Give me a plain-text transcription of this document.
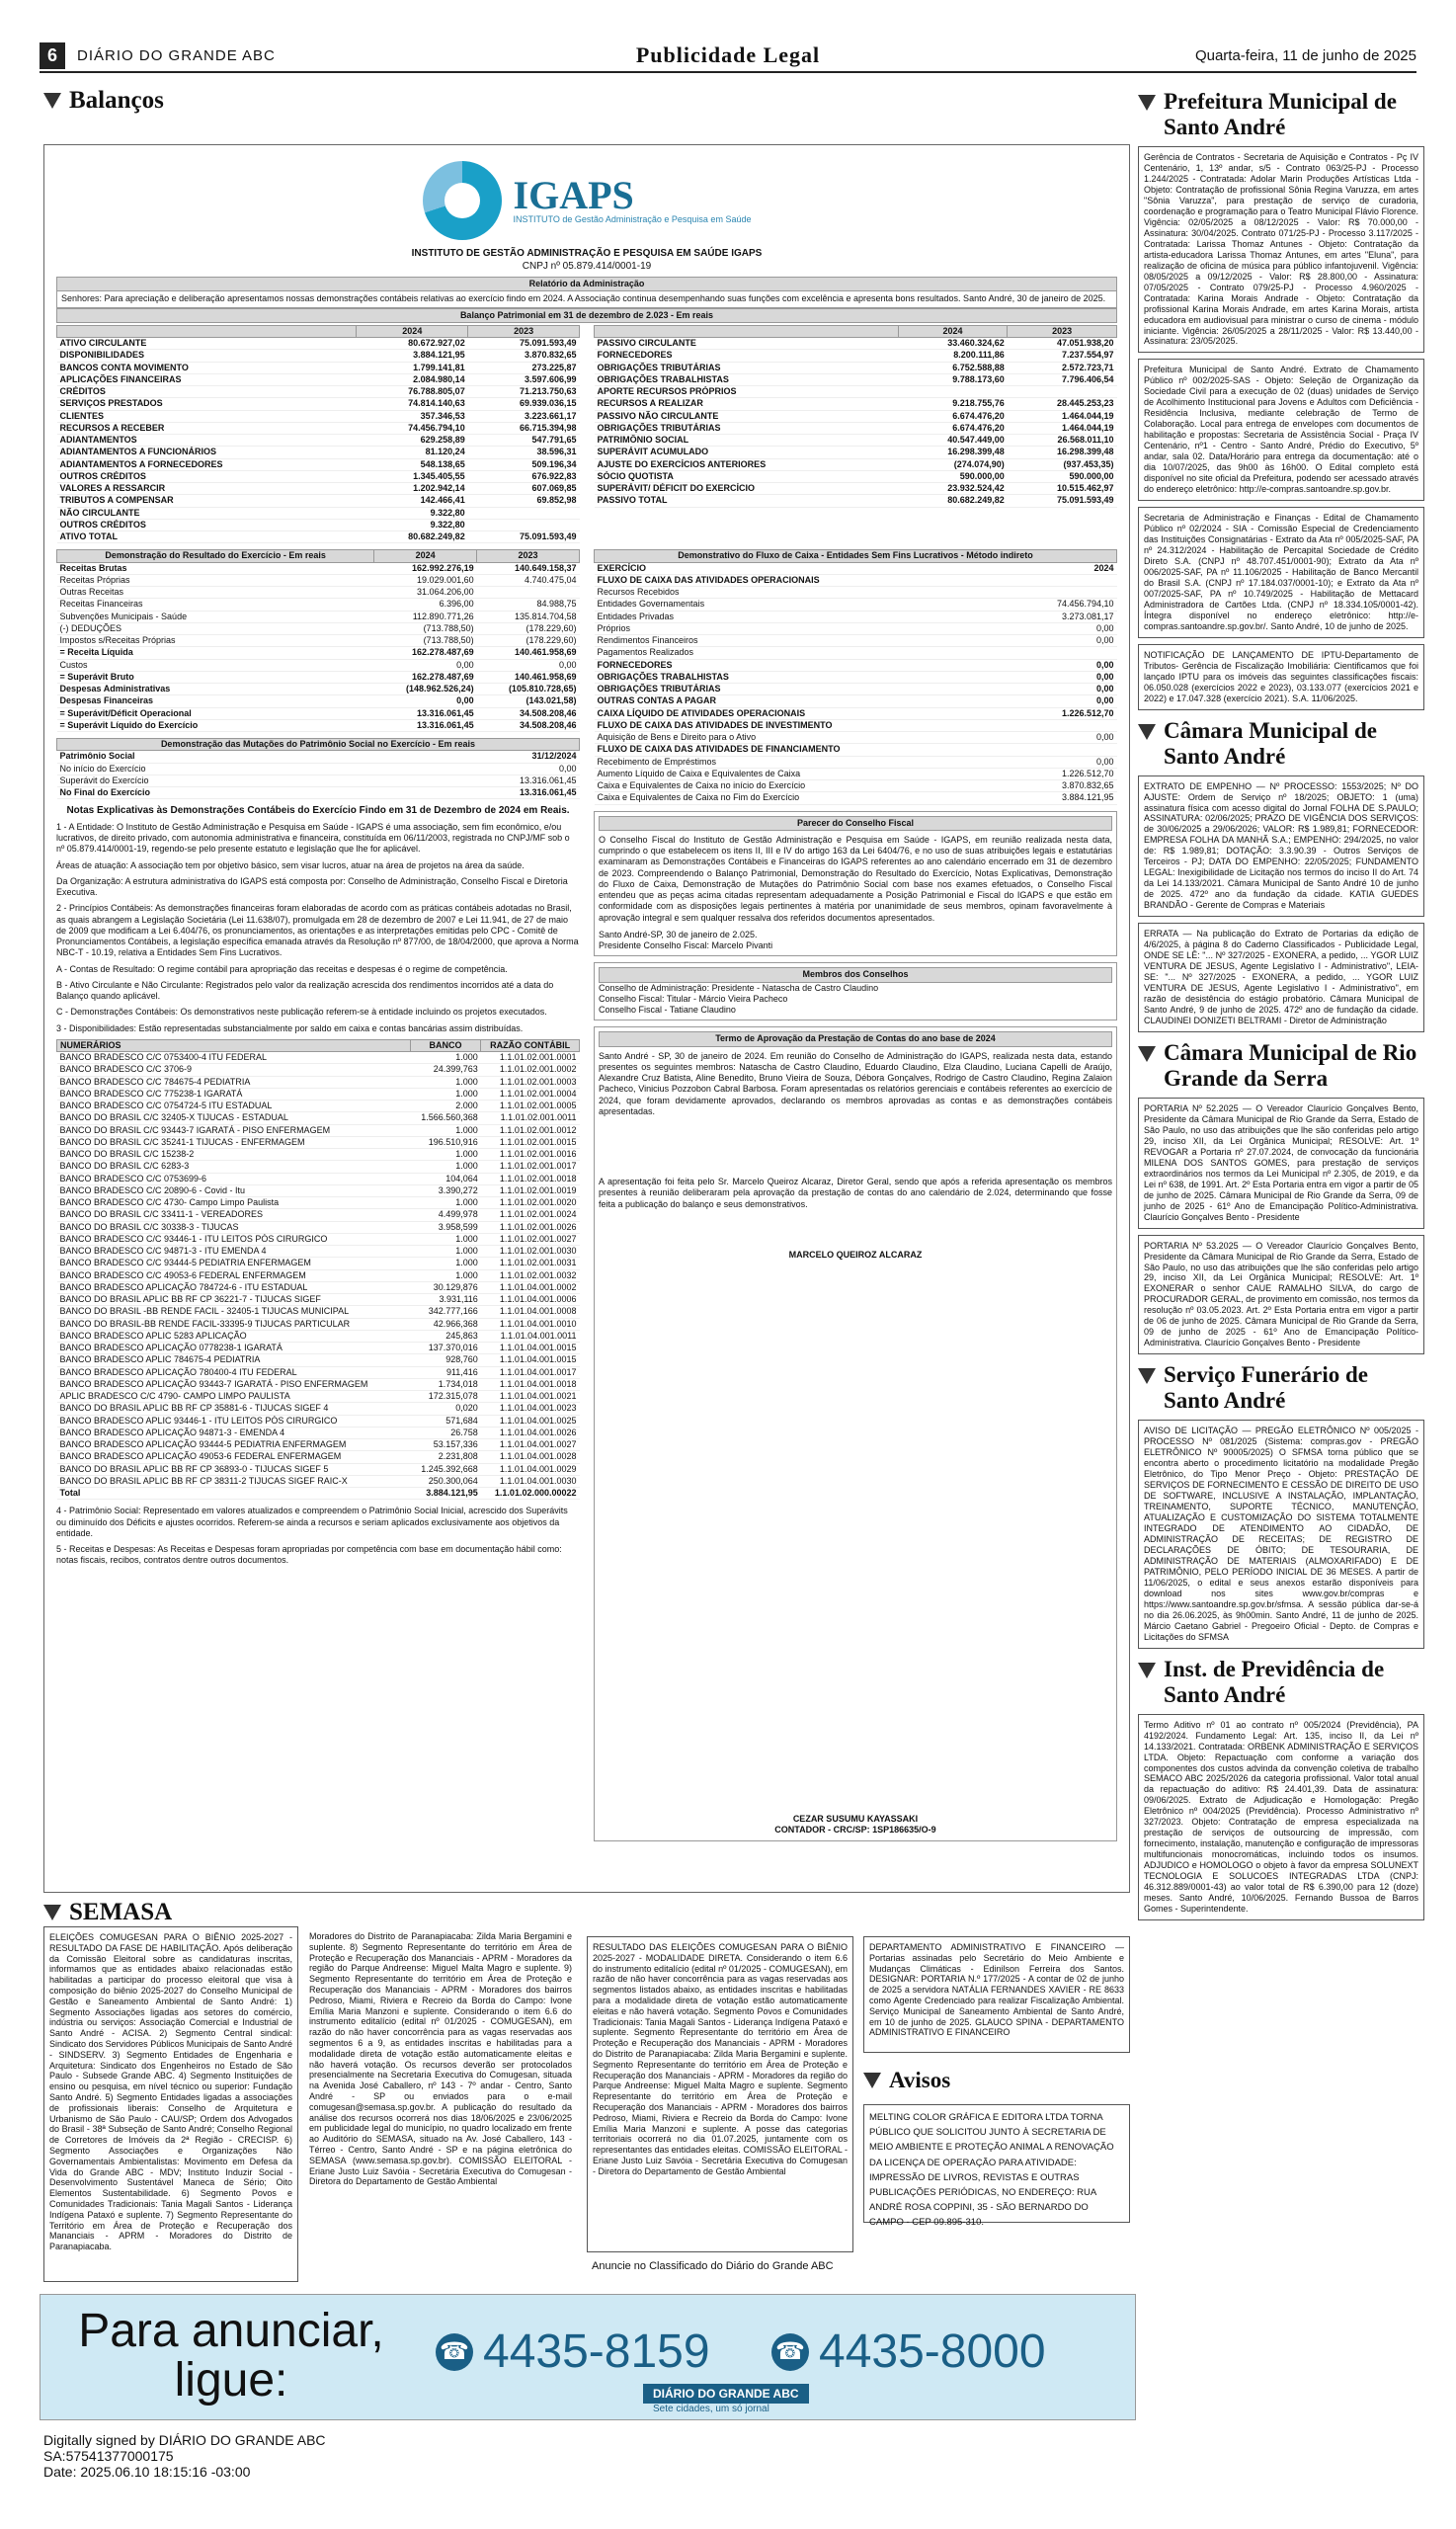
6	DIÁRIO DO GRANDE ABC	Publicidade Legal	Quarta-feira, 11 de junho de 2025
Balanços
IGAPS
INSTITUTO de Gestão Administração e Pesquisa em Saúde
INSTITUTO DE GESTÃO ADMINISTRAÇÃO E PESQUISA EM SAÚDE IGAPS
CNPJ nº 05.879.414/0001-19
Relatório da Administração
Senhores: Para apreciação e deliberação apresentamos nossas demonstrações contábeis relativas ao exercício findo em 2024. A Associação continua desempenhando suas funções com excelência e apresenta bons resultados. Santo André, 30 de janeiro de 2025.
Balanço Patrimonial em 31 de dezembro de 2.023 - Em reais
	2024	2023
ATIVO CIRCULANTE	80.672.927,02	75.091.593,49
DISPONIBILIDADES	3.884.121,95	3.870.832,65
BANCOS CONTA MOVIMENTO	1.799.141,81	273.225,87
APLICAÇÕES FINANCEIRAS	2.084.980,14	3.597.606,99
CRÉDITOS	76.788.805,07	71.213.750,63
SERVIÇOS PRESTADOS	74.814.140,63	69.939.036,15
CLIENTES	357.346,53	3.223.661,17
RECURSOS A RECEBER	74.456.794,10	66.715.394,98
ADIANTAMENTOS	629.258,89	547.791,65
ADIANTAMENTOS A FUNCIONÁRIOS	81.120,24	38.596,31
ADIANTAMENTOS A FORNECEDORES	548.138,65	509.196,34
OUTROS CRÉDITOS	1.345.405,55	676.922,83
VALORES A RESSARCIR	1.202.942,14	607.069,85
TRIBUTOS A COMPENSAR	142.466,41	69.852,98
NÃO CIRCULANTE	9.322,80	
OUTROS CRÉDITOS	9.322,80	
ATIVO TOTAL	80.682.249,82	75.091.593,49
	2024	2023
PASSIVO CIRCULANTE	33.460.324,62	47.051.938,20
FORNECEDORES	8.200.111,86	7.237.554,97
OBRIGAÇÕES TRIBUTÁRIAS	6.752.588,88	2.572.723,71
OBRIGAÇÕES TRABALHISTAS	9.788.173,60	7.796.406,54
APORTE RECURSOS PRÓPRIOS		
RECURSOS A REALIZAR	9.218.755,76	28.445.253,23
PASSIVO NÃO CIRCULANTE	6.674.476,20	1.464.044,19
OBRIGAÇÕES TRIBUTÁRIAS	6.674.476,20	1.464.044,19
PATRIMÔNIO SOCIAL	40.547.449,00	26.568.011,10
SUPERÁVIT ACUMULADO	16.298.399,48	16.298.399,48
AJUSTE DO EXERCÍCIOS ANTERIORES	(274.074,90)	(937.453,35)
SÓCIO QUOTISTA	590.000,00	590.000,00
SUPERÁVIT/ DÉFICIT DO EXERCÍCIO	23.932.524,42	10.515.462,97
PASSIVO TOTAL	80.682.249,82	75.091.593,49
Demonstração do Resultado do Exercício - Em reais	2024	2023
Receitas Brutas	162.992.276,19	140.649.158,37
Receitas Próprias	19.029.001,60	4.740.475,04
Outras Receitas	31.064.206,00	
Receitas Financeiras	6.396,00	84.988,75
Subvenções Municipais - Saúde	112.890.771,26	135.814.704,58
(-) DEDUÇÕES	(713.788,50)	(178.229,60)
Impostos s/Receitas Próprias	(713.788,50)	(178.229,60)
= Receita Líquida	162.278.487,69	140.461.958,69
Custos	0,00	0,00
= Superávit Bruto	162.278.487,69	140.461.958,69
Despesas Administrativas	(148.962.526,24)	(105.810.728,65)
Despesas Financeiras	0,00	(143.021,58)
= Superávit/Déficit Operacional	13.316.061,45	34.508.208,46
= Superávit Líquido do Exercício	13.316.061,45	34.508.208,46
Demonstração das Mutações do Patrimônio Social no Exercício - Em reais	
Patrimônio Social	31/12/2024
No início do Exercício	0,00
Superávit do Exercício	13.316.061,45
No Final do Exercício	13.316.061,45
Notas Explicativas às Demonstrações Contábeis do Exercício Findo em 31 de Dezembro de 2024 em Reais.

1 - A Entidade: O Instituto de Gestão Administração e Pesquisa em Saúde - IGAPS é uma associação, sem fim econômico, e/ou lucrativos, de direito privado, com autonomia administrativa e financeira, constituída em 06/11/2003, registrada no CNPJ/MF sob o nº 05.879.414/0001-19, regendo-se pelo presente estatuto e legislação que lhe for aplicável.

Áreas de atuação: A associação tem por objetivo básico, sem visar lucros, atuar na área de projetos na área da saúde.

Da Organização: A estrutura administrativa do IGAPS está composta por: Conselho de Administração, Conselho Fiscal e Diretoria Executiva.

2 - Princípios Contábeis: As demonstrações financeiras foram elaboradas de acordo com as práticas contábeis adotadas no Brasil, as quais abrangem a Legislação Societária (Lei 11.638/07), promulgada em 28 de dezembro de 2007 e Lei 11.941, de 27 de maio de 2009 que modificam a Lei 6.404/76, os pronunciamentos, as orientações e as interpretações emitidas pelo CPC - Comitê de Pronunciamentos Contábeis, a legislação específica emanada através da Resolução nº 877/00, de 18/04/2000, que aprova a Norma NBC-T - 10.19, relativa a Entidades Sem Fins Lucrativos.

A - Contas de Resultado: O regime contábil para apropriação das receitas e despesas é o regime de competência.

B - Ativo Circulante e Não Circulante: Registrados pelo valor da realização acrescida dos rendimentos incorridos até a data do Balanço quando aplicável.

C - Demonstrações Contábeis: Os demonstrativos neste publicação referem-se à entidade incluindo os projetos executados.

3 - Disponibilidades: Estão representadas substancialmente por saldo em caixa e contas bancárias assim distribuídas.

NUMERÁRIOS	BANCO	RAZÃO CONTÁBIL
BANCO BRADESCO C/C 0753400-4 ITU FEDERAL	1.000	1.1.01.02.001.0001
BANCO BRADESCO C/C 3706-9	24.399,763	1.1.01.02.001.0002
BANCO BRADESCO C/C 784675-4 PEDIATRIA	1.000	1.1.01.02.001.0003
BANCO BRADESCO C/C 775238-1 IGARATÁ	1.000	1.1.01.02.001.0004
BANCO BRADESCO C/C 0754724-5 ITU ESTADUAL	2.000	1.1.01.02.001.0005
BANCO DO BRASIL C/C 32405-X TIJUCAS - ESTADUAL	1.566.560,368	1.1.01.02.001.0011
BANCO DO BRASIL C/C 93443-7 IGARATÁ - PISO ENFERMAGEM	1.000	1.1.01.02.001.0012
BANCO DO BRASIL C/C 35241-1 TIJUCAS - ENFERMAGEM	196.510,916	1.1.01.02.001.0015
BANCO DO BRASIL C/C 15238-2	1.000	1.1.01.02.001.0016
BANCO DO BRASIL C/C 6283-3	1.000	1.1.01.02.001.0017
BANCO BRADESCO C/C 0753699-6	104,064	1.1.01.02.001.0018
BANCO BRADESCO C/C 20890-6 - Covid - Itu	3.390,272	1.1.01.02.001.0019
BANCO BRADESCO C/C 4730- Campo Limpo Paulista	1.000	1.1.01.02.001.0020
BANCO DO BRASIL C/C 33411-1 - VEREADORES	4.499,978	1.1.01.02.001.0024
BANCO DO BRASIL C/C 30338-3 - TIJUCAS	3.958,599	1.1.01.02.001.0026
BANCO BRADESCO C/C 93446-1 - ITU LEITOS PÓS CIRURGICO	1.000	1.1.01.02.001.0027
BANCO BRADESCO C/C 94871-3 - ITU EMENDA 4	1.000	1.1.01.02.001.0030
BANCO BRADESCO C/C 93444-5 PEDIATRIA ENFERMAGEM	1.000	1.1.01.02.001.0031
BANCO BRADESCO C/C 49053-6 FEDERAL ENFERMAGEM	1.000	1.1.01.02.001.0032
BANCO BRADESCO APLICAÇÃO 784724-6 - ITU ESTADUAL	30.129,876	1.1.01.04.001.0002
BANCO DO BRASIL APLIC BB RF CP 36221-7 - TIJUCAS SIGEF	3.931,116	1.1.01.04.001.0006
BANCO DO BRASIL -BB RENDE FACIL - 32405-1 TIJUCAS MUNICIPAL	342.777,166	1.1.01.04.001.0008
BANCO DO BRASIL-BB RENDE FACIL-33395-9 TIJUCAS PARTICULAR	42.966,368	1.1.01.04.001.0010
BANCO BRADESCO APLIC 5283 APLICAÇÃO	245,863	1.1.01.04.001.0011
BANCO BRADESCO APLICAÇÃO 0778238-1 IGARATÁ	137.370,016	1.1.01.04.001.0015
BANCO BRADESCO APLIC 784675-4 PEDIATRIA	928,760	1.1.01.04.001.0015
BANCO BRADESCO APLICAÇÃO 780400-4 ITU FEDERAL	911,416	1.1.01.04.001.0017
BANCO BRADESCO APLICAÇÃO 93443-7 IGARATÁ - PISO ENFERMAGEM	1.734,018	1.1.01.04.001.0018
APLIC BRADESCO C/C 4790- CAMPO LIMPO PAULISTA	172.315,078	1.1.01.04.001.0021
BANCO DO BRASIL APLIC BB RF CP 35881-6 - TIJUCAS SIGEF 4	0,020	1.1.01.04.001.0023
BANCO BRADESCO APLIC 93446-1 - ITU LEITOS PÓS CIRURGICO	571,684	1.1.01.04.001.0025
BANCO BRADESCO APLICAÇÃO 94871-3 - EMENDA 4	26.758	1.1.01.04.001.0026
BANCO BRADESCO APLICAÇÃO 93444-5 PEDIATRIA ENFERMAGEM	53.157,336	1.1.01.04.001.0027
BANCO BRADESCO APLICAÇÃO 49053-6 FEDERAL ENFERMAGEM	2.231,808	1.1.01.04.001.0028
BANCO DO BRASIL APLIC BB RF CP 36893-0 - TIJUCAS SIGEF 5	1.245.392,668	1.1.01.04.001.0029
BANCO DO BRASIL APLIC BB RF CP 38311-2 TIJUCAS SIGEF RAIC-X	250.300,064	1.1.01.04.001.0030
Total	3.884.121,95	1.1.01.02.000.00022

4 - Patrimônio Social: Representado em valores atualizados e compreendem o Patrimônio Social Inicial, acrescido dos Superávits ou diminuído dos Déficits e ajustes ocorridos. Referem-se ainda a recursos e seriam aplicados exclusivamente aos objetivos da entidade.

5 - Receitas e Despesas: As Receitas e Despesas foram apropriadas por competência com base em documentação hábil como: notas fiscais, recibos, contratos dentre outros documentos.

Demonstrativo do Fluxo de Caixa - Entidades Sem Fins Lucrativos - Método indireto	
EXERCÍCIO	2024
FLUXO DE CAIXA DAS ATIVIDADES OPERACIONAIS	
Recursos Recebidos	
Entidades Governamentais	74.456.794,10
Entidades Privadas	3.273.081,17
Próprios	0,00
Rendimentos Financeiros	0,00
Pagamentos Realizados	
FORNECEDORES	0,00
OBRIGAÇÕES TRABALHISTAS	0,00
OBRIGAÇÕES TRIBUTÁRIAS	0,00
OUTRAS CONTAS A PAGAR	0,00
CAIXA LÍQUIDO DE ATIVIDADES OPERACIONAIS	1.226.512,70
FLUXO DE CAIXA DAS ATIVIDADES DE INVESTIMENTO	
Aquisição de Bens e Direito para o Ativo	0,00
FLUXO DE CAIXA DAS ATIVIDADES DE FINANCIAMENTO	
Recebimento de Empréstimos	0,00
Aumento Líquido de Caixa e Equivalentes de Caixa	1.226.512,70
Caixa e Equivalentes de Caixa no início do Exercício	3.870.832,65
Caixa e Equivalentes de Caixa no Fim do Exercício	3.884.121,95
Parecer do Conselho Fiscal

O Conselho Fiscal do Instituto de Gestão Administração e Pesquisa em Saúde - IGAPS, em reunião realizada nesta data, cumprindo o que estabelecem os itens II, III e IV do artigo 163 da Lei 6404/76, e no uso de suas atribuições legais e estatutárias examinaram as Demonstrações Contábeis e Financeiras do IGAPS referentes ao ano calendário encerrado em 31 de dezembro de 2023. Compreendendo o Balanço Patrimonial, Demonstração do Resultado do Exercício, Notas Explicativas, Demonstração do Fluxo de Caixa, Demonstração de Mutações do Patrimônio Social com base nos exames efetuados, o Conselho Fiscal entendeu que as peças acima citadas representam adequadamente a Posição Patrimonial e Fiscal do IGAPS e que estão em conformidade com as disposições legais pertinentes à matéria por unanimidade de seus membros, opinam favoravelmente à aprovação integral e sem qualquer ressalva dos referidos documentos apresentados.

Santo André-SP, 30 de janeiro de 2.025.

Presidente Conselho Fiscal: Marcelo Pivanti

Membros dos Conselhos

Conselho de Administração: Presidente - Natascha de Castro Claudino

Conselho Fiscal: Titular - Márcio Vieira Pacheco

Conselho Fiscal - Tatiane Claudino

Termo de Aprovação da Prestação de Contas do ano base de 2024

Santo André - SP, 30 de janeiro de 2024. Em reunião do Conselho de Administração do IGAPS, realizada nesta data, estando presentes os seguintes membros: Natascha de Castro Claudino, Eduardo Claudino, Elza Claudino, Luciana Capelli de Araújo, Alexandre Cruz Batista, Aline Benedito, Bruno Vieira de Souza, Débora Gonçalves, Rodrigo de Castro Claudino, Regina Zalaion Pacheco, Vinicius Pozzobon Cabral Barbosa. Foram apresentadas os relatórios gerenciais e contábeis referentes ao exercício de 2024, que foram devidamente aprovados, declarando os membros aprovadas as contas e as demonstrações contábeis apresentadas.

A apresentação foi feita pelo Sr. Marcelo Queiroz Alcaraz, Diretor Geral, sendo que após a referida apresentação os membros presentes à reunião deliberaram pela aprovação da prestação de contas do ano calendário de 2.024, determinando que fosse feita a publicação do balanço e seus demonstrativos.

MARCELO QUEIROZ ALCARAZ
CEZAR SUSUMU KAYASSAKI
CONTADOR - CRC/SP: 1SP186635/O-9
Prefeitura Municipal de Santo André
Gerência de Contratos - Secretaria de Aquisição e Contratos - Pç IV Centenário, 1, 13º andar, s/5 - Contrato 063/25-PJ - Processo 1.244/2025 - Contratada: Adolar Marin Produções Artísticas Ltda - Objeto: Contratação de profissional Sônia Regina Varuzza, em artes "Sônia Varuzza", para prestação de serviço de curadoria, coordenação e programação para o Teatro Municipal Flávio Florence. Vigência: 02/05/2025 a 08/12/2025 - Valor: R$ 70.000,00 - Assinatura: 30/04/2025. Contrato 071/25-PJ - Processo 3.117/2025 - Contratada: Larissa Thomaz Antunes - Objeto: Contratação da artista-educadora Larissa Thomaz Antunes, em artes "Eluna", para realização de oficina de música para público infantojuvenil. Vigência: 08/05/2025 a 09/12/2025 - Valor: R$ 28.800,00 - Assinatura: 07/05/2025 - Contrato 079/25-PJ - Processo 4.960/2025 - Contratada: Karina Morais Andrade - Objeto: Contratação da profissional Karina Morais Andrade, em artes Karina Morais, artista educadora em audiovisual para ministrar o curso de cinema - módulo iniciante. Vigência: 26/05/2025 a 28/11/2025 - Valor: R$ 13.440,00 - Assinatura: 23/05/2025.
Prefeitura Municipal de Santo André. Extrato de Chamamento Público nº 002/2025-SAS - Objeto: Seleção de Organização da Sociedade Civil para a execução de 02 (duas) unidades de Serviço de Acolhimento Institucional para Jovens e Adultos com Deficiência - Residência Inclusiva, mediante celebração de Termo de Colaboração. Local para entrega de envelopes com documentos de habilitação e propostas: Secretaria de Assistência Social - Praça IV Centenário, nº1 - Centro - Santo André, Prédio do Executivo, 5º andar, sala 02. Data/Horário para entrega da documentação: até o dia 10/07/2025, das 9h00 às 16h00. O Edital completo está disponível no site oficial da Prefeitura, podendo ser acessado através do endereço eletrônico: http://e-compras.santoandre.sp.gov.br.
Secretaria de Administração e Finanças - Edital de Chamamento Público nº 02/2024 - SIA - Comissão Especial de Credenciamento das Instituições Consignatárias - Extrato da Ata nº 005/2025-SAF, PA nº 24.312/2024 - Habilitação de Percapital Sociedade de Crédito Direto S.A. (CNPJ nº 48.707.451/0001-90); Extrato da Ata nº 006/2025-SAF, PA nº 11.106/2025 - Habilitação de Banco Mercantil do Brasil S.A. (CNPJ nº 17.184.037/0001-10); e Extrato da Ata nº 007/2025-SAF, PA nº 10.749/2025 - Habilitação de Mettacard Administradora de Cartões Ltda. (CNPJ nº 18.334.105/0001-42). Íntegra disponível no endereço eletrônico: http://e-compras.santoandre.sp.gov.br/. Santo André, 10 de junho de 2025.
NOTIFICAÇÃO DE LANÇAMENTO DE IPTU-Departamento de Tributos- Gerência de Fiscalização Imobiliária: Cientificamos que foi lançado IPTU para os imóveis das seguintes classificações fiscais: 06.050.028 (exercícios 2022 e 2023), 03.133.077 (exercícios 2021 e 2022) e 17.047.328 (exercício 2021). S.A. 11/06/2025.
Câmara Municipal de Santo André
EXTRATO DE EMPENHO — Nº PROCESSO: 1553/2025; Nº DO AJUSTE: Ordem de Serviço nº 18/2025; OBJETO: 1 (uma) assinatura física com acesso digital do Jornal FOLHA DE S.PAULO; ASSINATURA: 02/06/2025; PRAZO DE VIGÊNCIA DOS SERVIÇOS: de 30/06/2025 a 29/06/2026; VALOR: R$ 1.989,81; FORNECEDOR: EMPRESA FOLHA DA MANHÃ S.A.; EMPENHO: 294/2025, no valor de: R$ 1.989,81; DOTAÇÃO: 3.3.90.39 - Outros Serviços de Terceiros - PJ; DATA DO EMPENHO: 22/05/2025; FUNDAMENTO LEGAL: Inexigibilidade de Licitação nos termos do inciso II do Art. 74 da Lei 14.133/2021. Câmara Municipal de Santo André 10 de junho de 2025. 472º ano da fundação da cidade. KATIA GUEDES BRANDÃO - Gerente de Compras e Materiais
ERRATA — Na publicação do Extrato de Portarias da edição de 4/6/2025, à página 8 do Caderno Classificados - Publicidade Legal, ONDE SE LÊ: "... Nº 327/2025 - EXONERA, a pedido, ... YGOR LUIZ VENTURA DE JESUS, Agente Legislativo I - Administrativo", LEIA-SE: "... Nº 327/2025 - EXONERA, a pedido, ... YGOR LUIZ VENTURA DE JESUS, Agente Legislativo I - Administrativo", em razão de desistência do estágio probatório. Câmara Municipal de Santo André, 9 de junho de 2025. 472º ano de fundação da cidade. CLAUDINEI DONIZETI BELTRAMI - Diretor de Administração
Câmara Municipal de Rio Grande da Serra
PORTARIA Nº 52.2025 — O Vereador Claurício Gonçalves Bento, Presidente da Câmara Municipal de Rio Grande da Serra, Estado de São Paulo, no uso das atribuições que lhe são conferidas pelo artigo 29, inciso XII, da Lei Orgânica Municipal; RESOLVE: Art. 1º REVOGAR a Portaria nº 27.07.2024, de convocação da funcionária MILENA DOS SANTOS GOMES, para prestação de serviços extraordinários nos termos da Lei Municipal nº 2.305, de 2019, e da Lei nº 638, de 1991. Art. 2º Esta Portaria entra em vigor a partir de 05 de junho de 2025. Câmara Municipal de Rio Grande da Serra, 09 de junho de 2025 - 61º Ano de Emancipação Político-Administrativa. Claurício Gonçalves Bento - Presidente
PORTARIA Nº 53.2025 — O Vereador Claurício Gonçalves Bento, Presidente da Câmara Municipal de Rio Grande da Serra, Estado de São Paulo, no uso das atribuições que lhe são conferidas pelo artigo 29, inciso XII, da Lei Orgânica Municipal; RESOLVE: Art. 1º EXONERAR o senhor CAUE RAMALHO SILVA, do cargo de PROCURADOR GERAL, de provimento em comissão, nos termos da resolução nº 03.05.2023. Art. 2º Esta Portaria entra em vigor a partir de 06 de junho de 2025. Câmara Municipal de Rio Grande da Serra, 09 de junho de 2025 - 61º Ano de Emancipação Político-Administrativa. Claurício Gonçalves Bento - Presidente
Serviço Funerário de Santo André
AVISO DE LICITAÇÃO — PREGÃO ELETRÔNICO Nº 005/2025 - PROCESSO Nº 081/2025 (Sistema: compras.gov - PREGÃO ELETRÔNICO Nº 90005/2025) O SFMSA torna público que se encontra aberto o procedimento licitatório na modalidade Pregão Eletrônico, do Tipo Menor Preço - Objeto: PRESTAÇÃO DE SERVIÇOS DE FORNECIMENTO E CESSÃO DE DIREITO DE USO DE SOFTWARE, INCLUSIVE A INSTALAÇÃO, IMPLANTAÇÃO, TREINAMENTO, SUPORTE TÉCNICO, MANUTENÇÃO, ATUALIZAÇÃO E CUSTOMIZAÇÃO DO SISTEMA TOTALMENTE INTEGRADO DE ATENDIMENTO AO CIDADÃO, DE ADMINISTRAÇÃO DE RECEITAS; DE REGISTRO DE DECLARAÇÕES DE ÓBITO; DE TESOURARIA, DE ADMINISTRAÇÃO DE MATERIAIS (ALMOXARIFADO) E DE PATRIMÔNIO, PELO PERÍODO INICIAL DE 36 MESES. A partir de 11/06/2025, o edital e seus anexos estarão disponíveis para download nos sites www.gov.br/compras e https://www.santoandre.sp.gov.br/sfmsa. A sessão pública dar-se-á no dia 26.06.2025, às 9h00min. Santo André, 11 de junho de 2025. Márcio Caetano Gabriel - Pregoeiro Oficial - Depto. de Compras e Licitações do SFMSA
Inst. de Previdência de Santo André
Termo Aditivo nº 01 ao contrato nº 005/2024 (Previdência), PA 4192/2024. Fundamento Legal: Art. 135, inciso II, da Lei nº 14.133/2021. Contratada: ORBENK ADMINISTRAÇÃO E SERVIÇOS LTDA. Objeto: Repactuação com conforme a variação dos componentes dos custos advinda da convenção coletiva de trabalho SEMACO ABC 2025/2026 da categoria profissional. Valor total anual da repactuação do aditivo: R$ 24.401,39. Data de assinatura: 09/06/2025. Extrato de Adjudicação e Homologação: Pregão Eletrônico nº 004/2025 (Previdência). Processo Administrativo nº 327/2023. Objeto: Contratação de empresa especializada na prestação de serviços de outsourcing de impressão, com fornecimento, instalação, manutenção e configuração de impressoras multifuncionais monocromáticas, incluindo todos os insumos. ADJUDICO e HOMOLOGO o objeto à favor da empresa SOLUNEXT TECNOLOGIA E SOLUCOES INTEGRADAS LTDA (CNPJ: 46.312.889/0001-43) ao valor total de R$ 6.390,00 para 12 (doze) meses. Santo André, 10/06/2025. Fernando Bussoa de Barros Gomes - Superintendente.
SEMASA
ELEIÇÕES COMUGESAN PARA O BIÊNIO 2025-2027 - RESULTADO DA FASE DE HABILITAÇÃO. Após deliberação da Comissão Eleitoral sobre as candidaturas inscritas, informamos que as entidades abaixo relacionadas estão habilitadas a participar do processo eleitoral que visa à composição do biênio 2025-2027 do Conselho Municipal de Gestão e Saneamento Ambiental de Santo André: 1) Segmento Associações ligadas aos setores do comércio, indústria ou serviços: Associação Comercial e Industrial de Santo André - ACISA. 2) Segmento Central sindical: Sindicato dos Servidores Públicos Municipais de Santo André - SINDSERV. 3) Segmento Entidades de Engenharia e Arquitetura: Sindicato dos Engenheiros no Estado de São Paulo - Subsede Grande ABC. 4) Segmento Instituições de ensino ou pesquisa, em nível técnico ou superior: Fundação Santo André. 5) Segmento Entidades ligadas a associações de profissionais liberais: Conselho de Arquitetura e Urbanismo de São Paulo - CAU/SP; Ordem dos Advogados do Brasil - 38ª Subseção de Santo André; Conselho Regional de Corretores de Imóveis da 2ª Região - CRECISP. 6) Segmento Associações e Organizações Não Governamentais Ambientalistas: Movimento em Defesa da Vida do Grande ABC - MDV; Instituto Induzir Social - Desenvolvimento Sustentável Maneca de Sério; Oito Elementos Sustentabilidade. 6) Segmento Povos e Comunidades Tradicionais: Tania Magali Santos - Liderança Indígena Pataxó e suplente. 7) Segmento Representante do Território em Área de Proteção e Recuperação dos Mananciais - APRM - Moradores do Distrito de Paranapiacaba.
Moradores do Distrito de Paranapiacaba: Zilda Maria Bergamini e suplente. 8) Segmento Representante do território em Área de Proteção e Recuperação dos Mananciais - APRM - Moradores da região do Parque Andreense: Miguel Malta Magro e suplente. 9) Segmento Representante do território em Área de Proteção e Recuperação dos Mananciais - APRM - Moradores dos bairros Pedroso, Miami, Riviera e Recreio da Borda do Campo: Ivone Emília Maria Manzoni e suplente. Considerando o item 6.6 do instrumento editalício (edital nº 01/2025 - COMUGESAN), em razão do não haver concorrência para as vagas reservadas aos segmentos 6 a 9, as entidades inscritas e habilitadas para a modalidade direta de votação estão automaticamente eleitas e não haverá votação. Os recursos deverão ser protocolados presencialmente na Secretaria Executiva do Comugesan, situada na Avenida José Caballero, nº 143 - 7º andar - Centro, Santo André - SP ou enviados para o e-mail comugesan@semasa.sp.gov.br. A publicação do resultado da análise dos recursos ocorrerá nos dias 18/06/2025 e 23/06/2025 em publicidade legal do município, no quadro localizado em frente ao Auditório do SEMASA, situado na Av. José Caballero, 143 - Térreo - Centro, Santo André - SP e na página eletrônica do SEMASA (www.semasa.sp.gov.br). COMISSÃO ELEITORAL - Eriane Justo Luiz Savóia - Secretária Executiva do Comugesan - Diretora do Departamento de Gestão Ambiental
RESULTADO DAS ELEIÇÕES COMUGESAN PARA O BIÊNIO 2025-2027 - MODALIDADE DIRETA. Considerando o item 6.6 do instrumento editalício (edital nº 01/2025 - COMUGESAN), em razão de não haver concorrência para as vagas reservadas aos segmentos listados abaixo, as entidades inscritas e habilitadas para a modalidade direta de votação estão automaticamente eleitas e não haverá votação. Segmento Povos e Comunidades Tradicionais: Tania Magali Santos - Liderança Indígena Pataxó e suplente. Segmento Representante do território em Área de Proteção e Recuperação dos Mananciais - APRM - Moradores do Distrito de Paranapiacaba: Zilda Maria Bergamini e suplente. Segmento Representante do território em Área de Proteção e Recuperação dos Mananciais - APRM - Moradores da região do Parque Andreense: Miguel Malta Magro e suplente. Segmento Representante do território em Área de Proteção e Recuperação dos Mananciais - APRM - Moradores dos bairros Pedroso, Miami, Riviera e Recreio da Borda do Campo: Ivone Emília Maria Manzoni e suplente. A posse das categorias territoriais ocorrerá no dia 01.07.2025, juntamente com os representantes das entidades eleitas. COMISSÃO ELEITORAL - Eriane Justo Luiz Savóia - Secretária Executiva do Comugesan - Diretora do Departamento de Gestão Ambiental
Anuncie no Classificado do Diário do Grande ABC
DEPARTAMENTO ADMINISTRATIVO E FINANCEIRO — Portarias assinadas pelo Secretário do Meio Ambiente e Mudanças Climáticas - Edinilson Ferreira dos Santos. DESIGNAR: PORTARIA N.º 177/2025 - A contar de 02 de junho de 2025 a servidora NATÁLIA FERNANDES XAVIER - RE 8633 como Agente Credenciado para realizar Fiscalização Ambiental. Serviço Municipal de Saneamento Ambiental de Santo André, em 10 de junho de 2025. GLAUCO SPINA - DEPARTAMENTO ADMINISTRATIVO E FINANCEIRO
Avisos
MELTING COLOR GRÁFICA E EDITORA LTDA TORNA PÚBLICO QUE SOLICITOU JUNTO À SECRETARIA DE MEIO AMBIENTE E PROTEÇÃO ANIMAL A RENOVAÇÃO DA LICENÇA DE OPERAÇÃO PARA ATIVIDADE: IMPRESSÃO DE LIVROS, REVISTAS E OUTRAS PUBLICAÇÕES PERIÓDICAS, NO ENDEREÇO: RUA ANDRÉ ROSA COPPINI, 35 - SÃO BERNARDO DO CAMPO - CEP 09.895-310.
Para anunciar,
ligue:
☎ 4435-8159	☎ 4435-8000
DIÁRIO DO GRANDE ABC
Sete cidades, um só jornal
Digitally signed by DIÁRIO DO GRANDE ABC
SA:57541377000175
Date: 2025.06.10 18:15:16 -03:00
